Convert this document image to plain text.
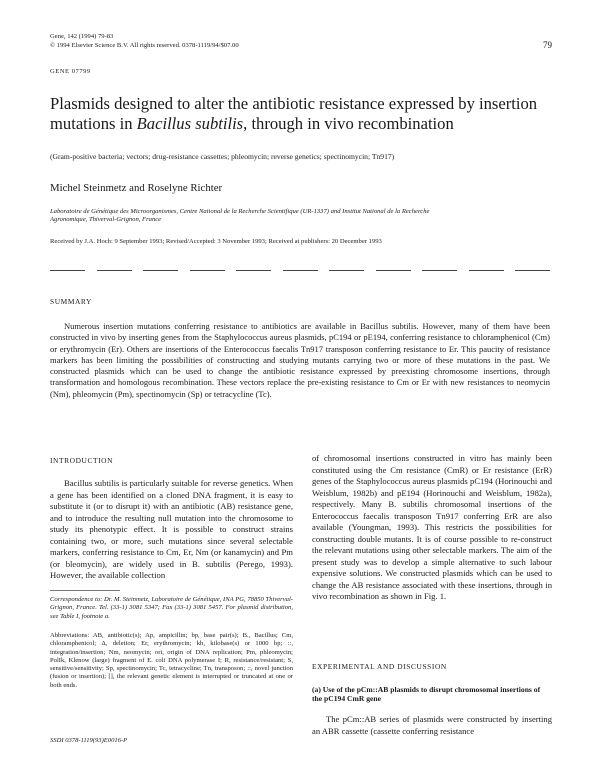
Gene, 142 (1994) 79-83
© 1994 Elsevier Science B.V. All rights reserved. 0378-1119/94/$07.00	79
GENE 07799
Plasmids designed to alter the antibiotic resistance expressed by insertion
mutations in Bacillus subtilis, through in vivo recombination
(Gram-positive bacteria; vectors; drug-resistance cassettes; phleomycin; reverse genetics; spectinomycin; Tn917)
Michel Steinmetz and Roselyne Richter
Laboratoire de Génétique des Microorganismes, Centre National de la Recherche Scientifique (UR-1337) and Institut National de la Recherche
Agronomique, Thiverval-Grignon, France
Received by J.A. Hoch: 9 September 1993; Revised/Accepted: 3 November 1993; Received at publishers: 20 December 1993
SUMMARY

Numerous insertion mutations conferring resistance to antibiotics are available in Bacillus subtilis. However, many of them have been constructed in vivo by inserting genes from the Staphylococcus aureus plasmids, pC194 or pE194, conferring resistance to chloramphenicol (Cm) or erythromycin (Er). Others are insertions of the Enterococcus faecalis Tn917 transposon conferring resistance to Er. This paucity of resistance markers has been limiting the possibilities of constructing and studying mutants carrying two or more of these mutations in the past. We constructed plasmids which can be used to change the antibiotic resistance expressed by preexisting chromosome insertions, through transformation and homologous recombination. These vectors replace the pre-existing resistance to Cm or Er with new resistances to neomycin (Nm), phleomycin (Pm), spectinomycin (Sp) or tetracycline (Tc).

INTRODUCTION

Bacillus subtilis is particularly suitable for reverse genetics. When a gene has been identified on a cloned DNA fragment, it is easy to substitute it (or to disrupt it) with an antibiotic (AB) resistance gene, and to introduce the resulting null mutation into the chromosome to study its phenotypic effect. It is possible to construct strains containing two, or more, such mutations since several selectable markers, conferring resistance to Cm, Er, Nm (or kanamycin) and Pm (or bleomycin), are widely used in B. subtilis (Perego, 1993). However, the available collection

of chromosomal insertions constructed in vitro has mainly been constituted using the Cm resistance (CmR) or Er resistance (ErR) genes of the Staphylococcus aureus plasmids pC194 (Horinouchi and Weisblum, 1982b) and pE194 (Horinouchi and Weisblum, 1982a), respectively. Many B. subtilis chromosomal insertions of the Enterococcus faecalis transposon Tn917 conferring ErR are also available (Youngman, 1993). This restricts the possibilities for constructing double mutants. It is of course possible to re-construct the relevant mutations using other selectable markers. The aim of the present study was to develop a simple alternative to such labour expensive solutions. We constructed plasmids which can be used to change the AB resistance associated with these insertions, through in vivo recombination as shown in Fig. 1.

Correspondence to: Dr. M. Steinmetz, Laboratoire de Génétique, INA PG, 78850 Thiverval-Grignon, France. Tel. (33-1) 3081 5347; Fax (33-1) 3081 5457. For plasmid distribution, see Table I, footnote a.
Abbreviations: AB, antibiotic(s); Ap, ampicillin; bp, base pair(s); B., Bacillus; Cm, chloramphenicol; Δ, deletion; Er, erythromycin; kb, kilobase(s) or 1000 bp; ::, integration/insertion; Nm, neomycin; ori, origin of DNA replication; Pm, phleomycin; PolIk, Klenow (large) fragment of E. coli DNA polymerase I; R, resistance/resistant; S, sensitive/sensitivity; Sp, spectinomycin; Tc, tetracycline; Tn, transposon; ::, novel junction (fusion or insertion); [], the relevant genetic element is interrupted or truncated at one or both ends.
SSDI 0378-1119(93)E0016-P
EXPERIMENTAL AND DISCUSSION
(a) Use of the pCm::AB plasmids to disrupt chromosomal insertions of the pC194 CmR gene

The pCm::AB series of plasmids were constructed by inserting an ABR cassette (cassette conferring resistance
